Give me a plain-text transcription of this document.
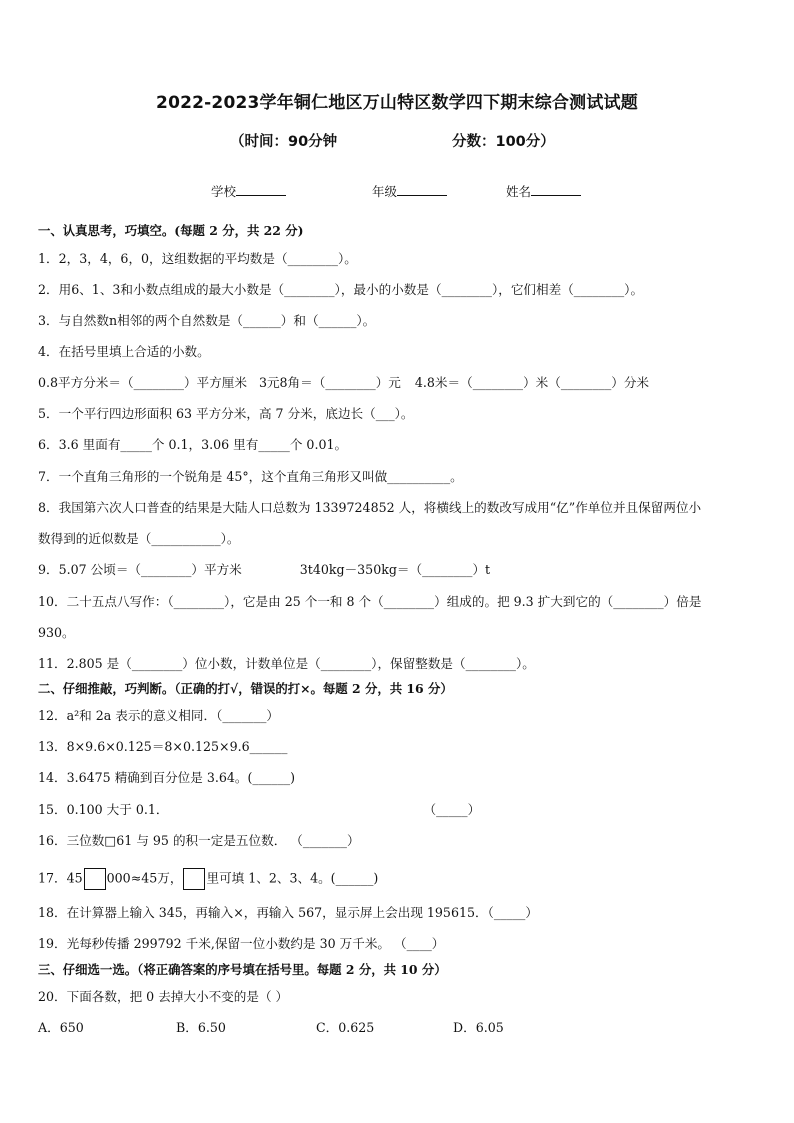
2022-2023学年铜仁地区万山特区数学四下期末综合测试试题
（时间：90分钟	分数：100分）
学校	年级	姓名
一、认真思考，巧填空。(每题 2 分，共 22 分)
1．2，3，4，6，0，这组数据的平均数是（________）。
2．用6、1、3和小数点组成的最大小数是（________），最小的小数是（________），它们相差（________）。
3．与自然数n相邻的两个自然数是（______）和（______）。
4．在括号里填上合适的小数。
0.8平方分米＝（________）平方厘米 3元8角＝（________）元 4.8米＝（________）米（________）分米
5．一个平行四边形面积 63 平方分米，高 7 分米，底边长（___）。
6．3.6 里面有_____个 0.1，3.06 里有_____个 0.01。
7．一个直角三角形的一个锐角是 45°，这个直角三角形又叫做__________。
8．我国第六次人口普查的结果是大陆人口总数为 1339724852 人，将横线上的数改写成用“亿”作单位并且保留两位小
数得到的近似数是（___________）。
9．5.07 公顷＝（________）平方米	3t40kg－350kg＝（________）t
10．二十五点八写作：（________），它是由 25 个一和 8 个（________）组成的。把 9.3 扩大到它的（________）倍是
930。
11．2.805 是（________）位小数，计数单位是（________），保留整数是（________）。
二、仔细推敲，巧判断。（正确的打√，错误的打×。每题 2 分，共 16 分）
12．a²和 2a 表示的意义相同．（_______）
13．8×9.6×0.125＝8×0.125×9.6______
14．3.6475 精确到百分位是 3.64。(______)
15．0.100 大于 0.1．	（_____）
16．三位数□61 与 95 的积一定是五位数． （_______）
17．45 000≈45万， 里可填 1、2、3、4。(______)
18．在计算器上输入 345，再输入×，再输入 567，显示屏上会出现 195615．（_____）
19．光每秒传播 299792 千米,保留一位小数约是 30 万千米。 （____）
三、仔细选一选。（将正确答案的序号填在括号里。每题 2 分，共 10 分）
20．下面各数，把 0 去掉大小不变的是（ ）
A．650	B．6.50	C．0.625	D．6.05
